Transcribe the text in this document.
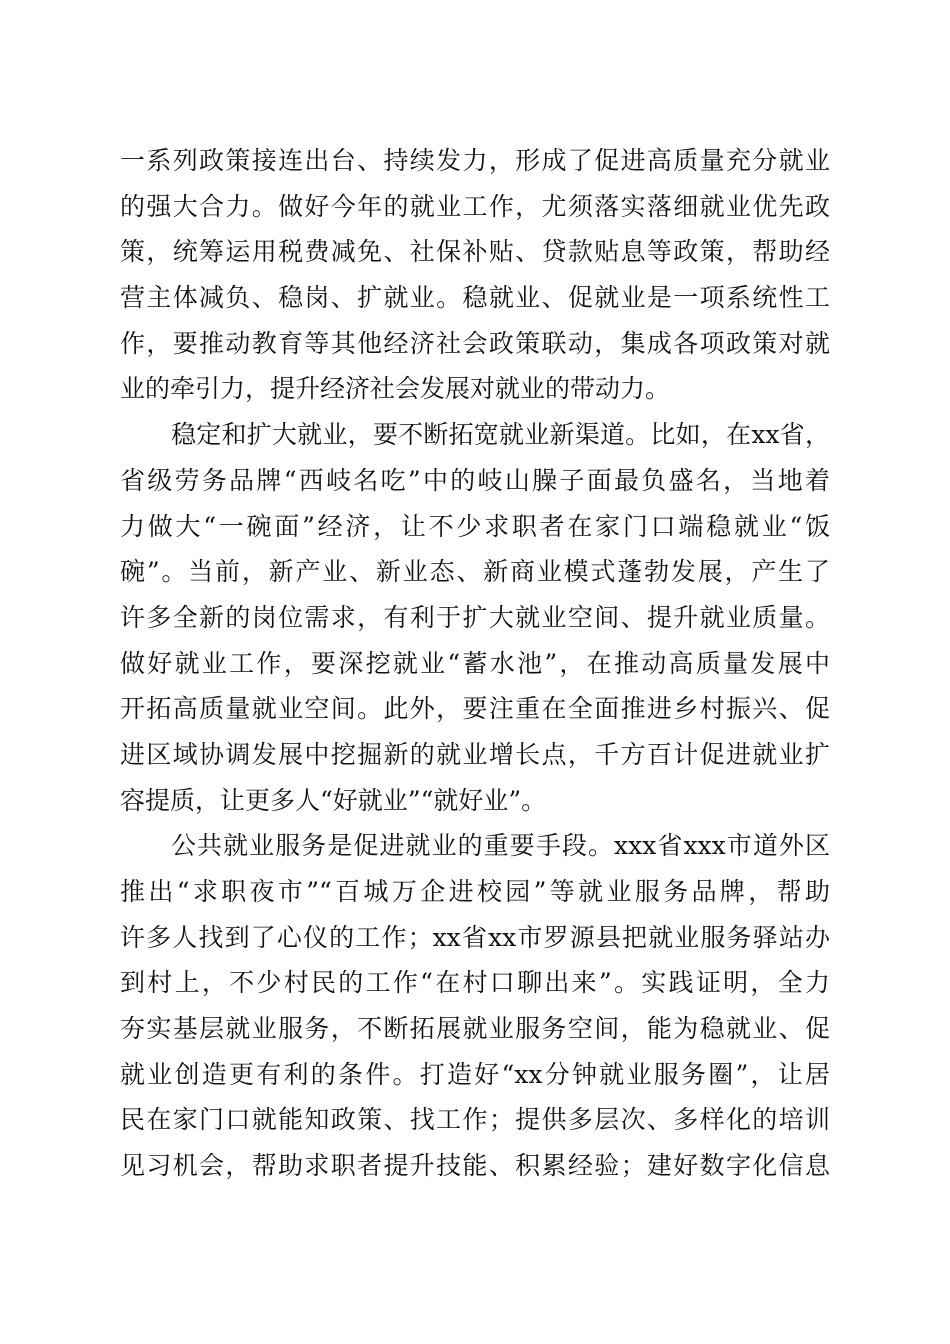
一系列政策接连出台、持续发力，形成了促进高质量充分就业
的强大合力。做好今年的就业工作，尤须落实落细就业优先政
策，统筹运用税费减免、社保补贴、贷款贴息等政策，帮助经
营主体减负、稳岗、扩就业。稳就业、促就业是一项系统性工
作，要推动教育等其他经济社会政策联动，集成各项政策对就
业的牵引力，提升经济社会发展对就业的带动力。
稳定和扩大就业，要不断拓宽就业新渠道。比如，在xx省，
省级劳务品牌“西岐名吃”中的岐山臊子面最负盛名，当地着
力做大“一碗面”经济，让不少求职者在家门口端稳就业“饭
碗”。当前，新产业、新业态、新商业模式蓬勃发展，产生了
许多全新的岗位需求，有利于扩大就业空间、提升就业质量。
做好就业工作，要深挖就业“蓄水池”，在推动高质量发展中
开拓高质量就业空间。此外，要注重在全面推进乡村振兴、促
进区域协调发展中挖掘新的就业增长点，千方百计促进就业扩
容提质，让更多人“好就业”“就好业”。
公共就业服务是促进就业的重要手段。xxx省xxx市道外区
推出“求职夜市”“百城万企进校园”等就业服务品牌，帮助
许多人找到了心仪的工作；xx省xx市罗源县把就业服务驿站办
到村上，不少村民的工作“在村口聊出来”。实践证明，全力
夯实基层就业服务，不断拓展就业服务空间，能为稳就业、促
就业创造更有利的条件。打造好“xx分钟就业服务圈”，让居
民在家门口就能知政策、找工作；提供多层次、多样化的培训
见习机会，帮助求职者提升技能、积累经验；建好数字化信息
